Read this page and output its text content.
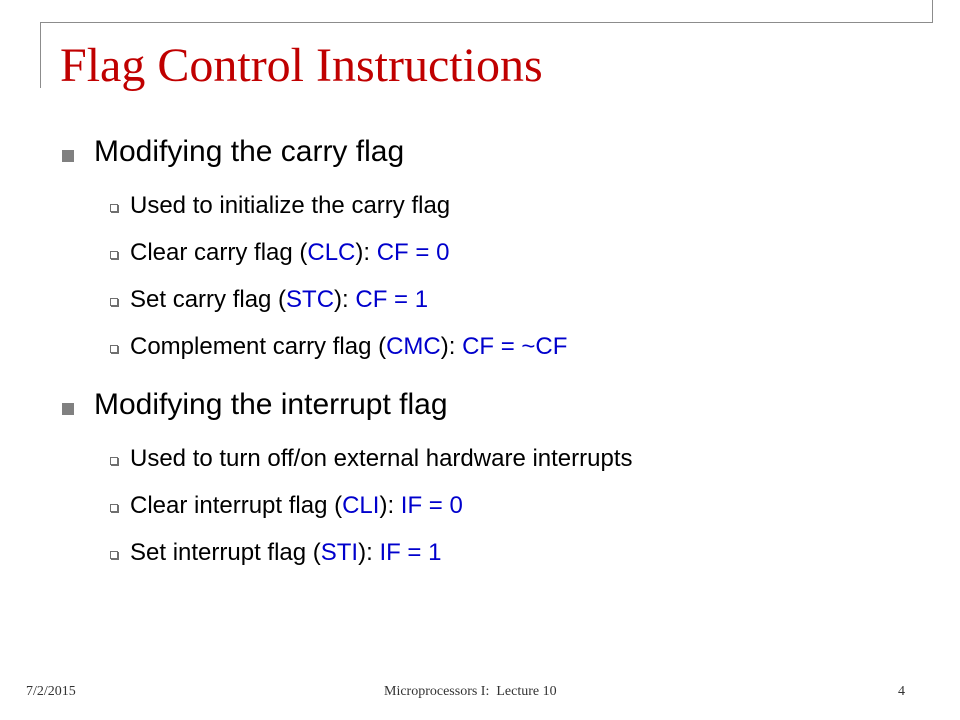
Flag Control Instructions
Modifying the carry flag
Used to initialize the carry flag
Clear carry flag (CLC): CF = 0
Set carry flag (STC): CF = 1
Complement carry flag (CMC): CF = ~CF
Modifying the interrupt flag
Used to turn off/on external hardware interrupts
Clear interrupt flag (CLI): IF = 0
Set interrupt flag (STI): IF = 1
7/2/2015	Microprocessors I:  Lecture 10	4
